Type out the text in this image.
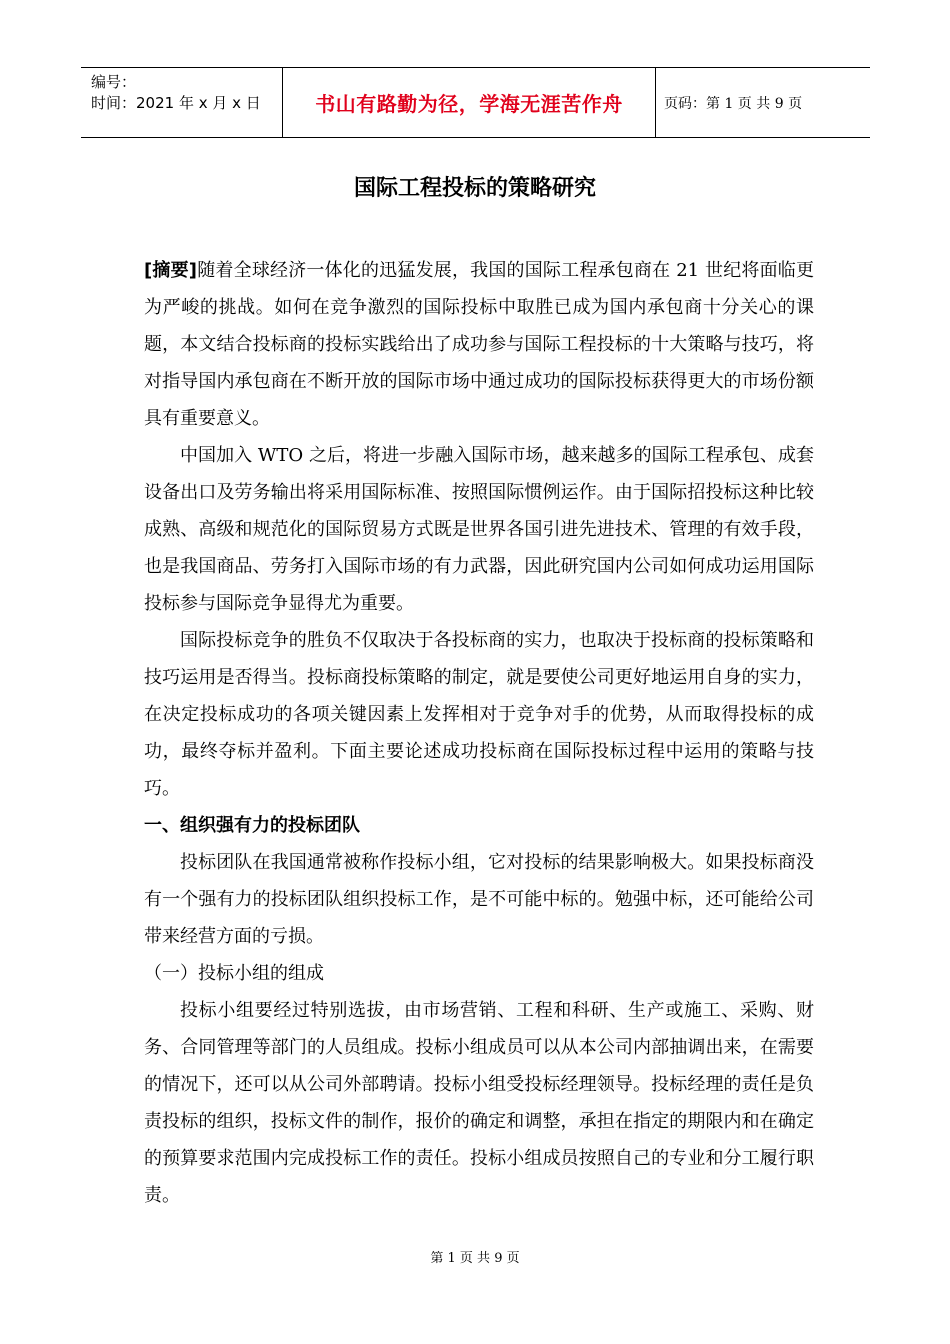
编号：
时间：2021 年 x 月 x 日	书山有路勤为径，学海无涯苦作舟	页码：第 1 页 共 9 页
国际工程投标的策略研究

[摘要]随着全球经济一体化的迅猛发展，我国的国际工程承包商在 21 世纪将面临更为严峻的挑战。如何在竞争激烈的国际投标中取胜已成为国内承包商十分关心的课题，本文结合投标商的投标实践给出了成功参与国际工程投标的十大策略与技巧，将对指导国内承包商在不断开放的国际市场中通过成功的国际投标获得更大的市场份额具有重要意义。

中国加入 WTO 之后，将进一步融入国际市场，越来越多的国际工程承包、成套设备出口及劳务输出将采用国际标准、按照国际惯例运作。由于国际招投标这种比较成熟、高级和规范化的国际贸易方式既是世界各国引进先进技术、管理的有效手段，也是我国商品、劳务打入国际市场的有力武器，因此研究国内公司如何成功运用国际投标参与国际竞争显得尤为重要。

国际投标竞争的胜负不仅取决于各投标商的实力，也取决于投标商的投标策略和技巧运用是否得当。投标商投标策略的制定，就是要使公司更好地运用自身的实力，在决定投标成功的各项关键因素上发挥相对于竞争对手的优势，从而取得投标的成功，最终夺标并盈利。下面主要论述成功投标商在国际投标过程中运用的策略与技巧。

一、组织强有力的投标团队

投标团队在我国通常被称作投标小组，它对投标的结果影响极大。如果投标商没有一个强有力的投标团队组织投标工作，是不可能中标的。勉强中标，还可能给公司带来经营方面的亏损。

（一）投标小组的组成

投标小组要经过特别选拔，由市场营销、工程和科研、生产或施工、采购、财务、合同管理等部门的人员组成。投标小组成员可以从本公司内部抽调出来，在需要的情况下，还可以从公司外部聘请。投标小组受投标经理领导。投标经理的责任是负责投标的组织，投标文件的制作，报价的确定和调整，承担在指定的期限内和在确定的预算要求范围内完成投标工作的责任。投标小组成员按照自己的专业和分工履行职责。

第 1 页 共 9 页
